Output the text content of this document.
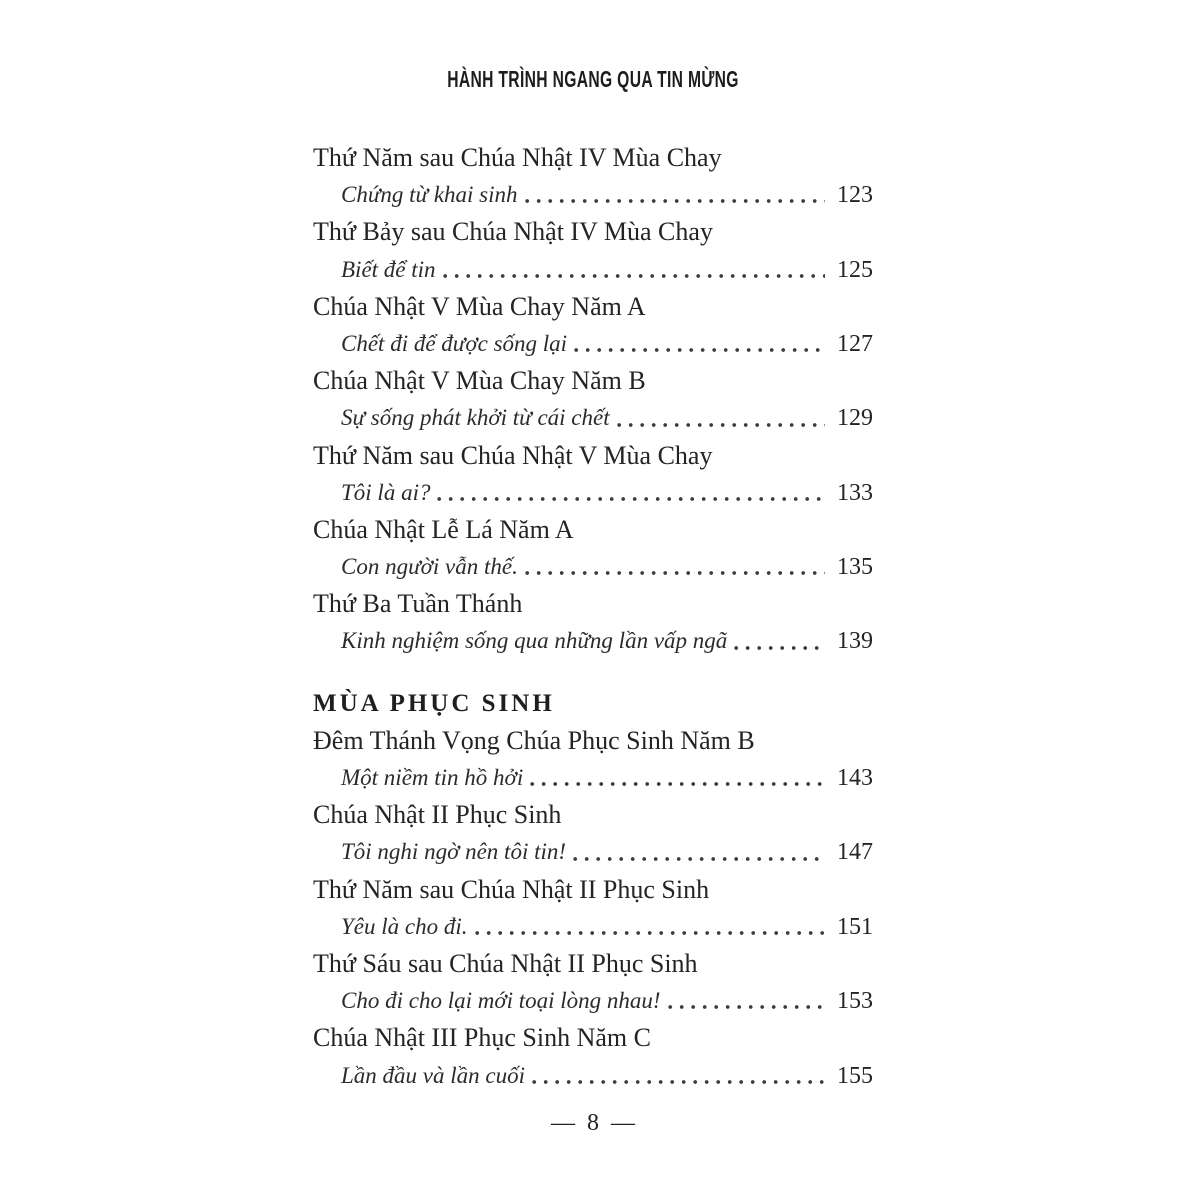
HÀNH TRÌNH NGANG QUA TIN MỪNG
Thứ Năm sau Chúa Nhật IV Mùa Chay
Chứng từ khai sinh	123
Thứ Bảy sau Chúa Nhật IV Mùa Chay
Biết để tin	125
Chúa Nhật V Mùa Chay Năm A
Chết đi để được sống lại	127
Chúa Nhật V Mùa Chay Năm B
Sự sống phát khởi từ cái chết	129
Thứ Năm sau Chúa Nhật V Mùa Chay
Tôi là ai?	133
Chúa Nhật Lễ Lá Năm A
Con người vẫn thế.	135
Thứ Ba Tuần Thánh
Kinh nghiệm sống qua những lần vấp ngã	139
MÙA PHỤC SINH
Đêm Thánh Vọng Chúa Phục Sinh Năm B
Một niềm tin hồ hởi	143
Chúa Nhật II Phục Sinh
Tôi nghi ngờ nên tôi tin!	147
Thứ Năm sau Chúa Nhật II Phục Sinh
Yêu là cho đi.	151
Thứ Sáu sau Chúa Nhật II Phục Sinh
Cho đi cho lại mới toại lòng nhau!	153
Chúa Nhật III Phục Sinh Năm C
Lần đầu và lần cuối	155
— 8 —
